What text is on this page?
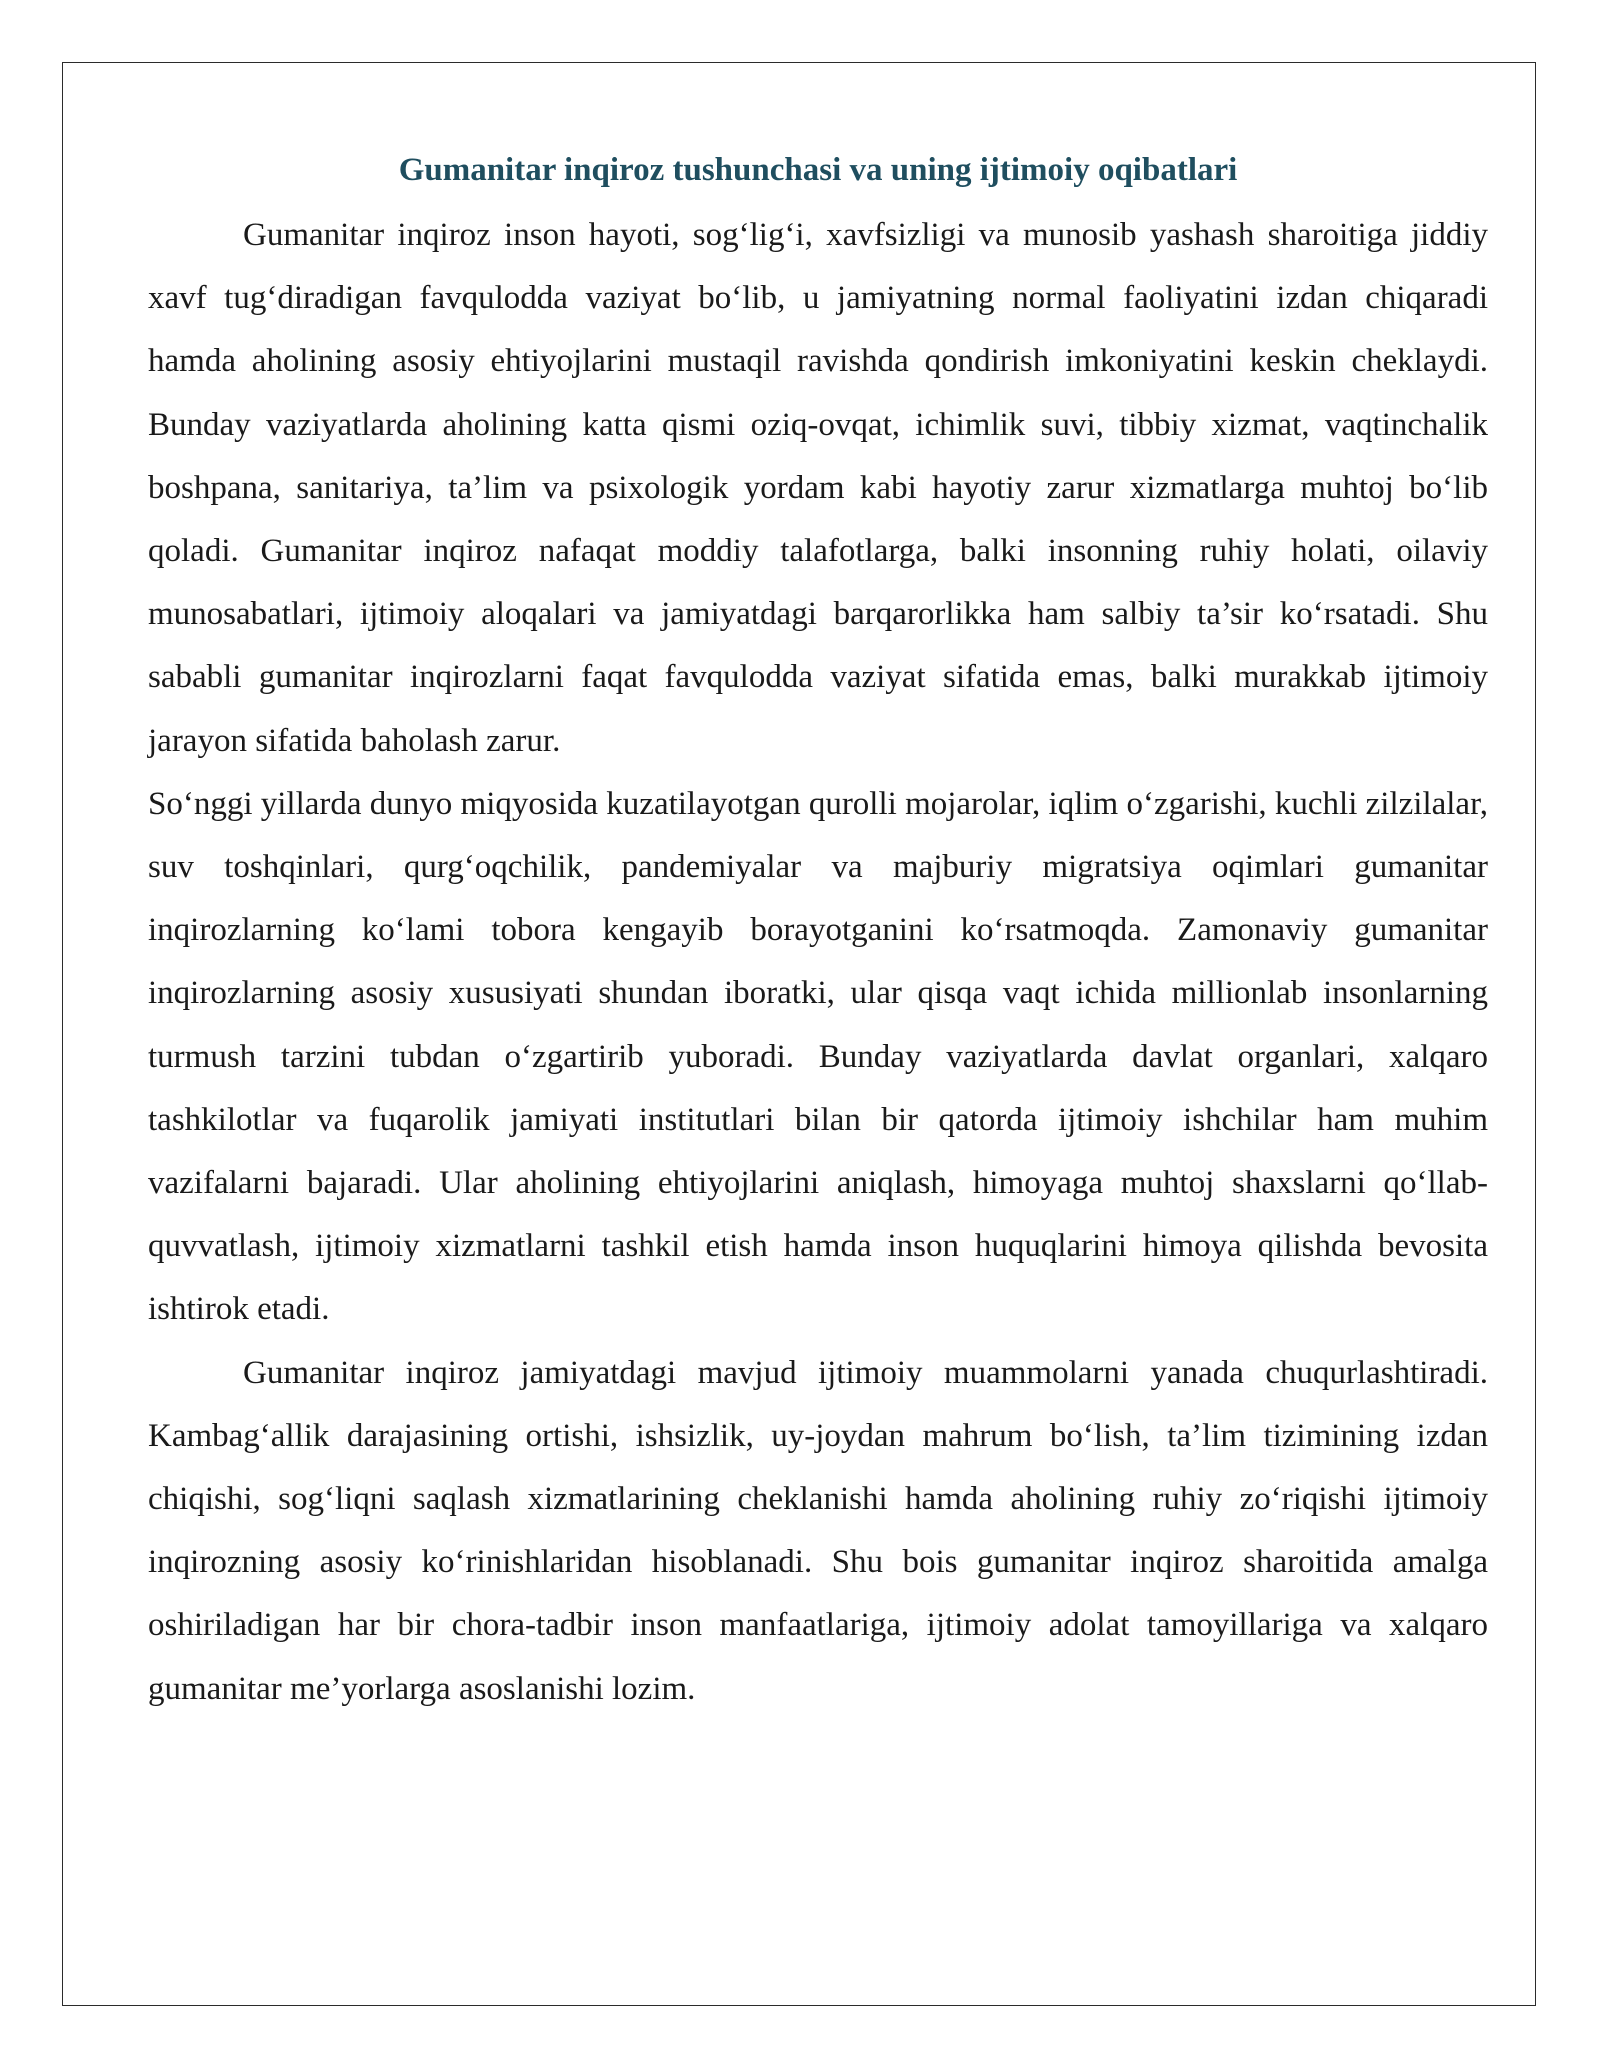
Gumanitar inqiroz tushunchasi va uning ijtimoiy oqibatlari

Gumanitar inqiroz inson hayoti, sog‘lig‘i, xavfsizligi va munosib yashash sharoitiga jiddiy xavf tug‘diradigan favqulodda vaziyat bo‘lib, u jamiyatning normal faoliyatini izdan chiqaradi hamda aholining asosiy ehtiyojlarini mustaqil ravishda qondirish imkoniyatini keskin cheklaydi. Bunday vaziyatlarda aholining katta qismi oziq-ovqat, ichimlik suvi, tibbiy xizmat, vaqtinchalik boshpana, sanitariya, ta’lim va psixologik yordam kabi hayotiy zarur xizmatlarga muhtoj bo‘lib qoladi. Gumanitar inqiroz nafaqat moddiy talafotlarga, balki insonning ruhiy holati, oilaviy munosabatlari, ijtimoiy aloqalari va jamiyatdagi barqarorlikka ham salbiy ta’sir ko‘rsatadi. Shu sababli gumanitar inqirozlarni faqat favqulodda vaziyat sifatida emas, balki murakkab ijtimoiy jarayon sifatida baholash zarur.

So‘nggi yillarda dunyo miqyosida kuzatilayotgan qurolli mojarolar, iqlim o‘zgarishi, kuchli zilzilalar, suv toshqinlari, qurg‘oqchilik, pandemiyalar va majburiy migratsiya oqimlari gumanitar inqirozlarning ko‘lami tobora kengayib borayotganini ko‘rsatmoqda. Zamonaviy gumanitar inqirozlarning asosiy xususiyati shundan iboratki, ular qisqa vaqt ichida millionlab insonlarning turmush tarzini tubdan o‘zgartirib yuboradi. Bunday vaziyatlarda davlat organlari, xalqaro tashkilotlar va fuqarolik jamiyati institutlari bilan bir qatorda ijtimoiy ishchilar ham muhim vazifalarni bajaradi. Ular aholining ehtiyojlarini aniqlash, himoyaga muhtoj shaxslarni qo‘llab-quvvatlash, ijtimoiy xizmatlarni tashkil etish hamda inson huquqlarini himoya qilishda bevosita ishtirok etadi.

Gumanitar inqiroz jamiyatdagi mavjud ijtimoiy muammolarni yanada chuqurlashtiradi. Kambag‘allik darajasining ortishi, ishsizlik, uy-joydan mahrum bo‘lish, ta’lim tizimining izdan chiqishi, sog‘liqni saqlash xizmatlarining cheklanishi hamda aholining ruhiy zo‘riqishi ijtimoiy inqirozning asosiy ko‘rinishlaridan hisoblanadi. Shu bois gumanitar inqiroz sharoitida amalga oshiriladigan har bir chora-tadbir inson manfaatlariga, ijtimoiy adolat tamoyillariga va xalqaro gumanitar me’yorlarga asoslanishi lozim.
